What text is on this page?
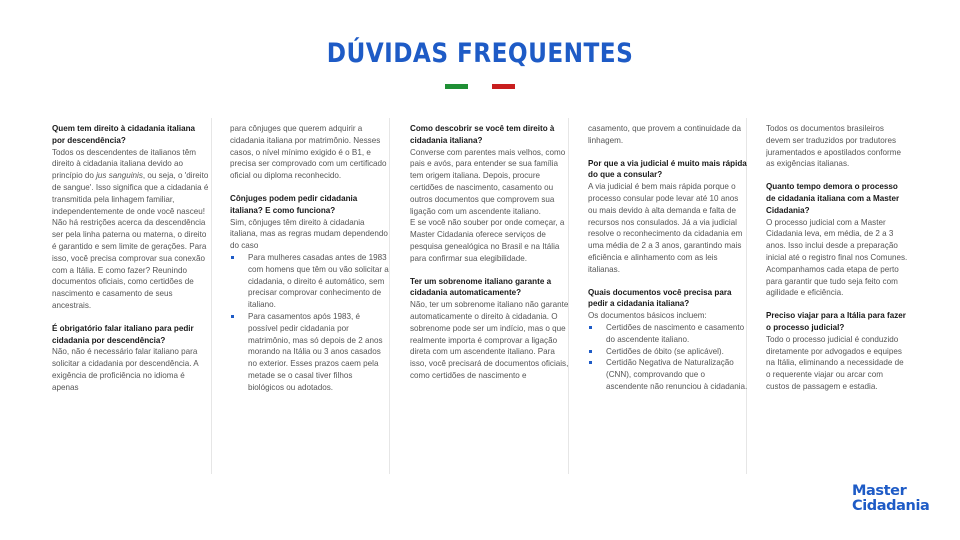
DÚVIDAS FREQUENTES

Quem tem direito à cidadania italiana por descendência?

Todos os descendentes de italianos têm direito à cidadania italiana devido ao princípio do jus sanguinis, ou seja, o 'direito de sangue'. Isso significa que a cidadania é transmitida pela linhagem familiar, independentemente de onde você nasceu! Não há restrições acerca da descendência ser pela linha paterna ou materna, o direito é garantido e sem limite de gerações. Para isso, você precisa comprovar sua conexão com a Itália. E como fazer? Reunindo documentos oficiais, como certidões de nascimento e casamento de seus ancestrais.

É obrigatório falar italiano para pedir cidadania por descendência?

Não, não é necessário falar italiano para solicitar a cidadania por descendência. A exigência de proficiência no idioma é apenas

para cônjuges que querem adquirir a cidadania italiana por matrimônio. Nesses casos, o nível mínimo exigido é o B1, e precisa ser comprovado com um certificado oficial ou diploma reconhecido.

Cônjuges podem pedir cidadania italiana? E como funciona?

Sim, cônjuges têm direito à cidadania italiana, mas as regras mudam dependendo do caso

Para mulheres casadas antes de 1983 com homens que têm ou vão solicitar a cidadania, o direito é automático, sem precisar comprovar conhecimento de italiano.
Para casamentos após 1983, é possível pedir cidadania por matrimônio, mas só depois de 2 anos morando na Itália ou 3 anos casados no exterior. Esses prazos caem pela metade se o casal tiver filhos biológicos ou adotados.

Como descobrir se você tem direito à cidadania italiana?

Converse com parentes mais velhos, como pais e avós, para entender se sua família tem origem italiana. Depois, procure certidões de nascimento, casamento ou outros documentos que comprovem sua ligação com um ascendente italiano.

E se você não souber por onde começar, a Master Cidadania oferece serviços de pesquisa genealógica no Brasil e na Itália para confirmar sua elegibilidade.

Ter um sobrenome italiano garante a cidadania automaticamente?

Não, ter um sobrenome italiano não garante automaticamente o direito à cidadania. O sobrenome pode ser um indício, mas o que realmente importa é comprovar a ligação direta com um ascendente italiano. Para isso, você precisará de documentos oficiais, como certidões de nascimento e

casamento, que provem a continuidade da linhagem.

Por que a via judicial é muito mais rápida do que a consular?

A via judicial é bem mais rápida porque o processo consular pode levar até 10 anos ou mais devido à alta demanda e falta de recursos nos consulados. Já a via judicial resolve o reconhecimento da cidadania em uma média de 2 a 3 anos, garantindo mais eficiência e alinhamento com as leis italianas.

Quais documentos você precisa para pedir a cidadania italiana?

Os documentos básicos incluem:

Certidões de nascimento e casamento do ascendente italiano.
Certidões de óbito (se aplicável).
Certidão Negativa de Naturalização (CNN), comprovando que o ascendente não renunciou à cidadania.

Todos os documentos brasileiros devem ser traduzidos por tradutores juramentados e apostilados conforme as exigências italianas.

Quanto tempo demora o processo de cidadania italiana com a Master Cidadania?

O processo judicial com a Master Cidadania leva, em média, de 2 a 3 anos. Isso inclui desde a preparação inicial até o registro final nos Comunes. Acompanhamos cada etapa de perto para garantir que tudo seja feito com agilidade e eficiência.

Preciso viajar para a Itália para fazer o processo judicial?

Todo o processo judicial é conduzido diretamente por advogados e equipes na Itália, eliminando a necessidade de o requerente viajar ou arcar com custos de passagem e estadia.

Master
Cidadania
